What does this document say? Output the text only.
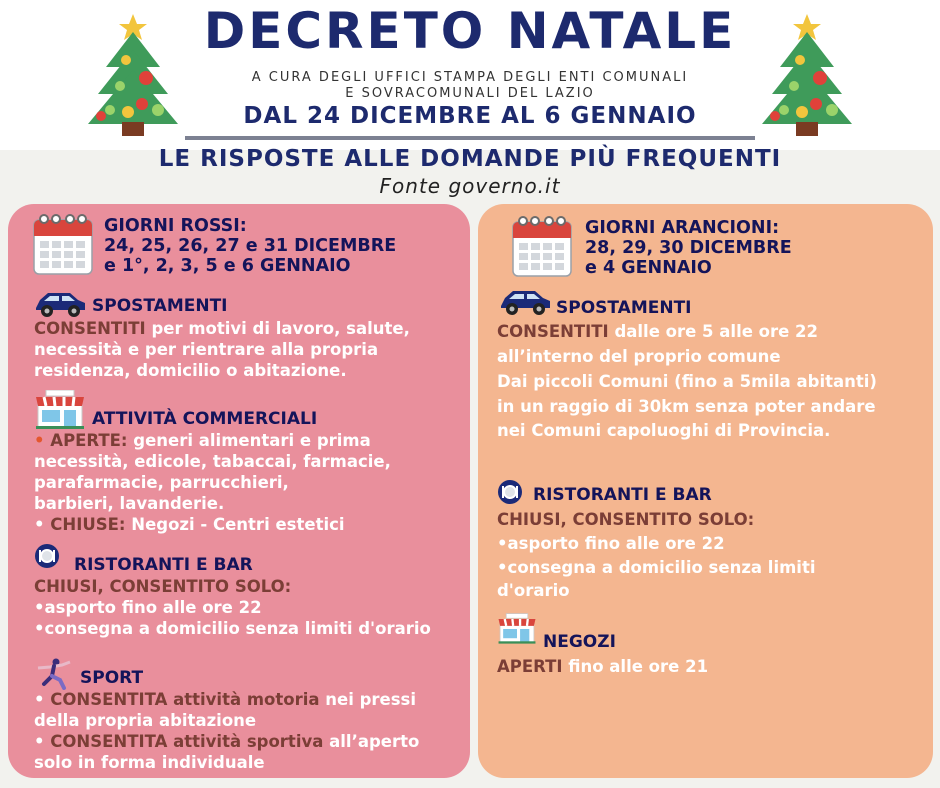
DECRETO NATALE
A CURA DEGLI UFFICI STAMPA DEGLI ENTI COMUNALI
E SOVRACOMUNALI DEL LAZIO
DAL 24 DICEMBRE AL 6 GENNAIO
LE RISPOSTE ALLE DOMANDE PIÙ FREQUENTI
Fonte governo.it
GIORNI ROSSI:
24, 25, 26, 27 e 31 DICEMBRE
e 1°, 2, 3, 5 e 6 GENNAIO
SPOSTAMENTI
CONSENTITI per motivi di lavoro, salute,
necessità e per rientrare alla propria
residenza, domicilio o abitazione.
ATTIVITÀ COMMERCIALI
• APERTE: generi alimentari e prima
necessità, edicole, tabaccai, farmacie,
parafarmacie, parrucchieri,
barbieri, lavanderie.
• CHIUSE: Negozi - Centri estetici
RISTORANTI E BAR
CHIUSI, CONSENTITO SOLO:
•asporto fino alle ore 22
•consegna a domicilio senza limiti d'orario
SPORT
• CONSENTITA attività motoria nei pressi
della propria abitazione
• CONSENTITA attività sportiva all’aperto
solo in forma individuale
GIORNI ARANCIONI:
28, 29, 30 DICEMBRE
e 4 GENNAIO
SPOSTAMENTI
CONSENTITI dalle ore 5 alle ore 22
all’interno del proprio comune
Dai piccoli Comuni (fino a 5mila abitanti)
in un raggio di 30km senza poter andare
nei Comuni capoluoghi di Provincia.
RISTORANTI E BAR
CHIUSI, CONSENTITO SOLO:
•asporto fino alle ore 22
•consegna a domicilio senza limiti
d'orario
NEGOZI
APERTI fino alle ore 21
